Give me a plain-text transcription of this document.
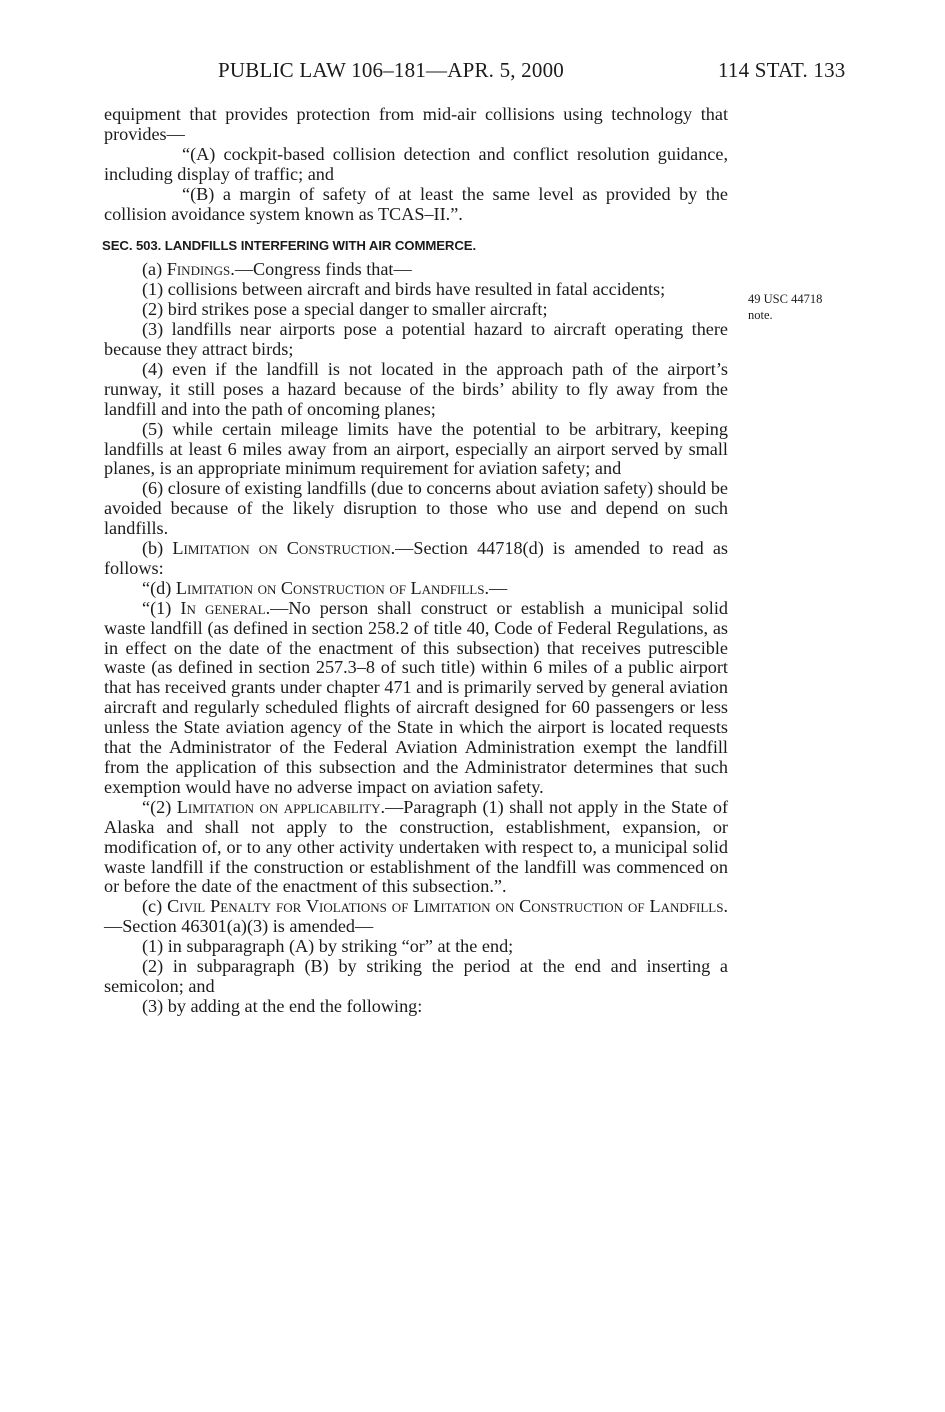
PUBLIC LAW 106–181—APR. 5, 2000	114 STAT. 133
49 USC 44718
note.

equipment that provides protection from mid-air collisions using technology that provides—

“(A) cockpit-based collision detection and conflict resolution guidance, including display of traffic; and

“(B) a margin of safety of at least the same level as provided by the collision avoidance system known as TCAS–II.”.

SEC. 503. LANDFILLS INTERFERING WITH AIR COMMERCE.

(a) Findings.—Congress finds that—

(1) collisions between aircraft and birds have resulted in fatal accidents;

(2) bird strikes pose a special danger to smaller aircraft;

(3) landfills near airports pose a potential hazard to aircraft operating there because they attract birds;

(4) even if the landfill is not located in the approach path of the airport’s runway, it still poses a hazard because of the birds’ ability to fly away from the landfill and into the path of oncoming planes;

(5) while certain mileage limits have the potential to be arbitrary, keeping landfills at least 6 miles away from an airport, especially an airport served by small planes, is an appropriate minimum requirement for aviation safety; and

(6) closure of existing landfills (due to concerns about aviation safety) should be avoided because of the likely disruption to those who use and depend on such landfills.

(b) Limitation on Construction.—Section 44718(d) is amended to read as follows:

“(d) Limitation on Construction of Landfills.—

“(1) In general.—No person shall construct or establish a municipal solid waste landfill (as defined in section 258.2 of title 40, Code of Federal Regulations, as in effect on the date of the enactment of this subsection) that receives putrescible waste (as defined in section 257.3–8 of such title) within 6 miles of a public airport that has received grants under chapter 471 and is primarily served by general aviation aircraft and regularly scheduled flights of aircraft designed for 60 passengers or less unless the State aviation agency of the State in which the airport is located requests that the Administrator of the Federal Aviation Administration exempt the landfill from the application of this subsection and the Administrator determines that such exemption would have no adverse impact on aviation safety.

“(2) Limitation on applicability.—Paragraph (1) shall not apply in the State of Alaska and shall not apply to the construction, establishment, expansion, or modification of, or to any other activity undertaken with respect to, a municipal solid waste landfill if the construction or establishment of the landfill was commenced on or before the date of the enactment of this subsection.”.

(c) Civil Penalty for Violations of Limitation on Construction of Landfills.—Section 46301(a)(3) is amended—

(1) in subparagraph (A) by striking “or” at the end;

(2) in subparagraph (B) by striking the period at the end and inserting a semicolon; and

(3) by adding at the end the following:
